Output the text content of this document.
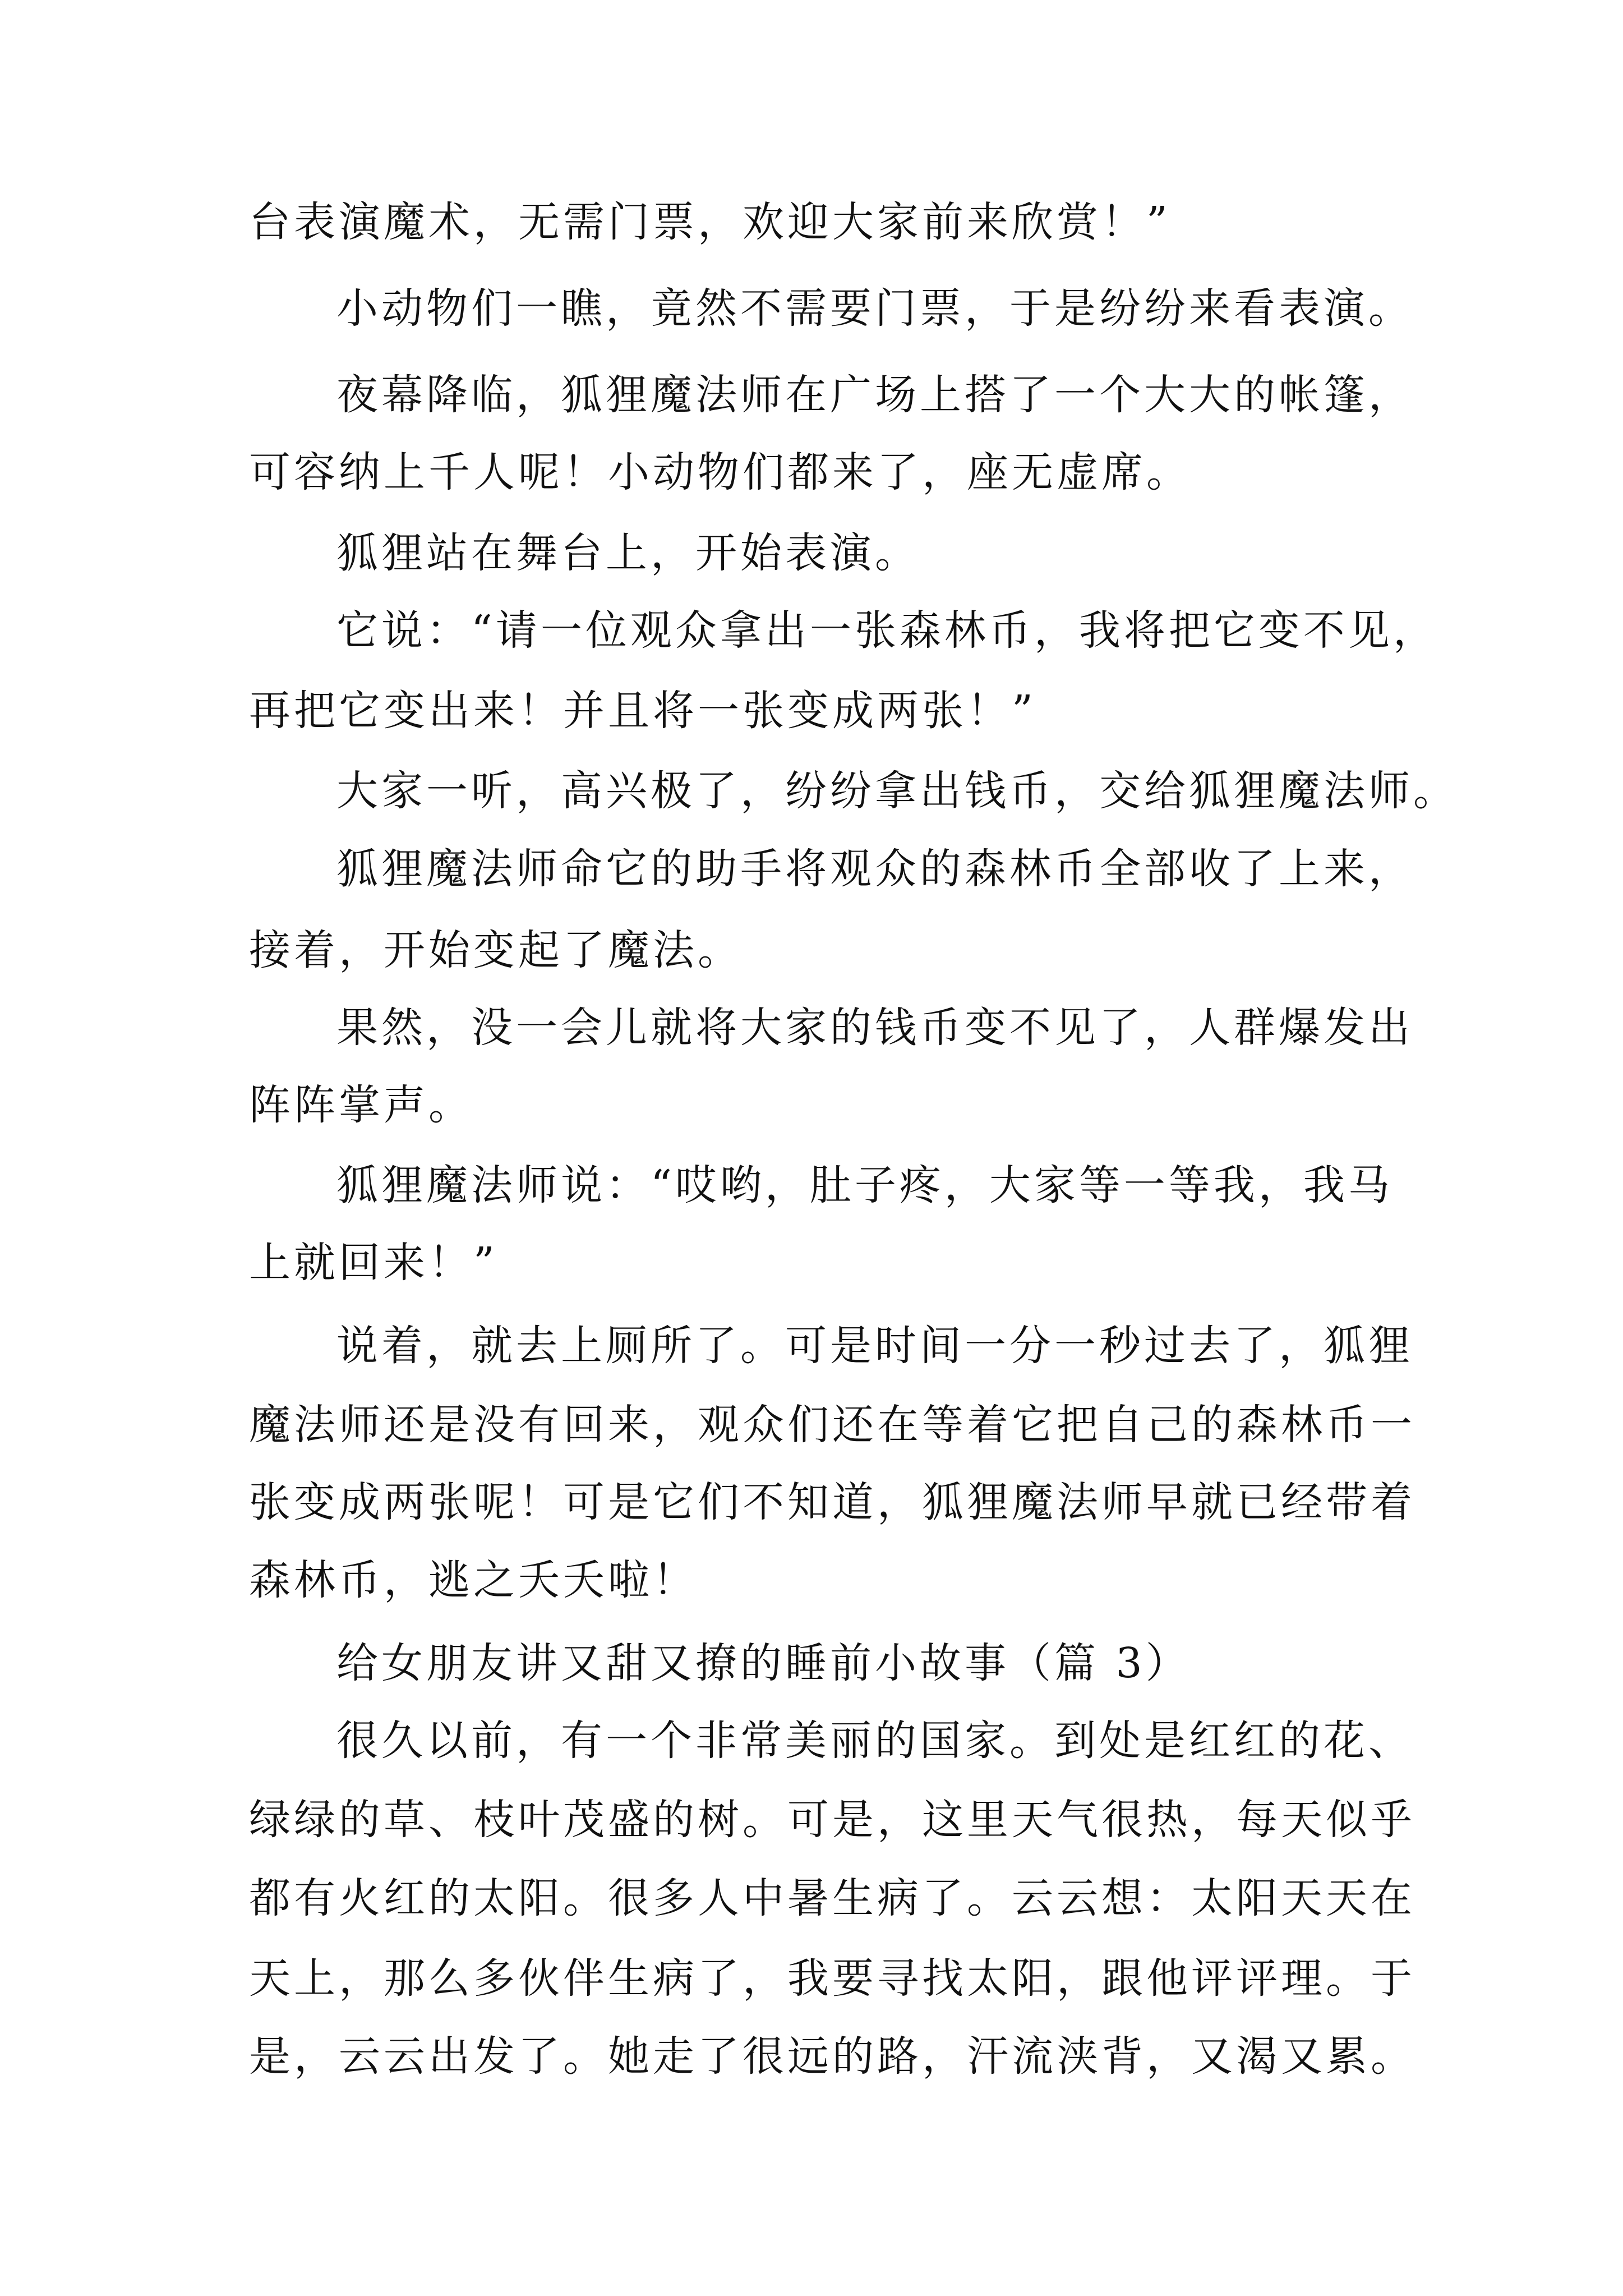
台表演魔术，无需门票，欢迎大家前来欣赏！”
小动物们一瞧，竟然不需要门票，于是纷纷来看表演。
夜幕降临，狐狸魔法师在广场上搭了一个大大的帐篷，
可容纳上千人呢！小动物们都来了，座无虚席。
狐狸站在舞台上，开始表演。
它说：“请一位观众拿出一张森林币，我将把它变不见，
再把它变出来！并且将一张变成两张！”
大家一听，高兴极了，纷纷拿出钱币，交给狐狸魔法师。
狐狸魔法师命它的助手将观众的森林币全部收了上来，
接着，开始变起了魔法。
果然，没一会儿就将大家的钱币变不见了，人群爆发出
阵阵掌声。
狐狸魔法师说：“哎哟，肚子疼，大家等一等我，我马
上就回来！”
说着，就去上厕所了。可是时间一分一秒过去了，狐狸
魔法师还是没有回来，观众们还在等着它把自己的森林币一
张变成两张呢！可是它们不知道，狐狸魔法师早就已经带着
森林币，逃之夭夭啦！
给女朋友讲又甜又撩的睡前小故事（篇 3）
很久以前，有一个非常美丽的国家。到处是红红的花、
绿绿的草、枝叶茂盛的树。可是，这里天气很热，每天似乎
都有火红的太阳。很多人中暑生病了。云云想：太阳天天在
天上，那么多伙伴生病了，我要寻找太阳，跟他评评理。于
是，云云出发了。她走了很远的路，汗流浃背，又渴又累。
